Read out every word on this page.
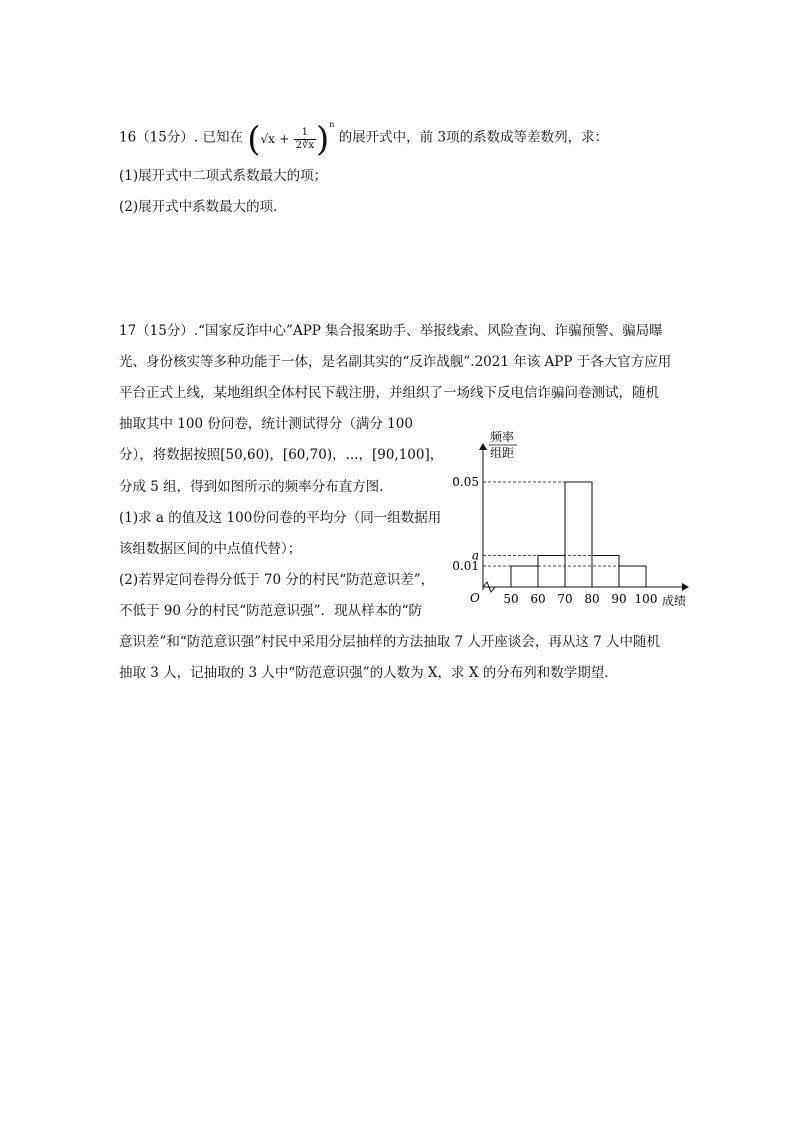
16（15分）. 已知在 $(√x + \frac{1}{2∛x} )^n$ 的展开式中，前 3项的系数成等差数列，求：
(1)展开式中二项式系数最大的项；
(2)展开式中系数最大的项．
17（15分）.“国家反诈中心”APP 集合报案助手、举报线索、风险查询、诈骗预警、骗局曝
光、身份核实等多种功能于一体，是名副其实的“反诈战舰”.2021 年该 APP 于各大官方应用
平台正式上线，某地组织全体村民下载注册，并组织了一场线下反电信诈骗问卷测试，随机
抽取其中 100 份问卷，统计测试得分（满分 100
分），将数据按照[50,60)，[60,70)，...，[90,100]，
分成 5 组，得到如图所示的频率分布直方图.
(1)求 a 的值及这 100份问卷的平均分（同一组数据用
该组数据区间的中点值代替）；
(2)若界定问卷得分低于 70 分的村民“防范意识差”，
不低于 90 分的村民“防范意识强”．现从样本的“防
意识差”和“防范意识强”村民中采用分层抽样的方法抽取 7 人开座谈会，再从这 7 人中随机
抽取 3 人，记抽取的 3 人中“防范意识强”的人数为 X，求 X 的分布列和数学期望．
频率
组距
O	成绩
0.05
a
0.01
50 60 70 80 90 100
